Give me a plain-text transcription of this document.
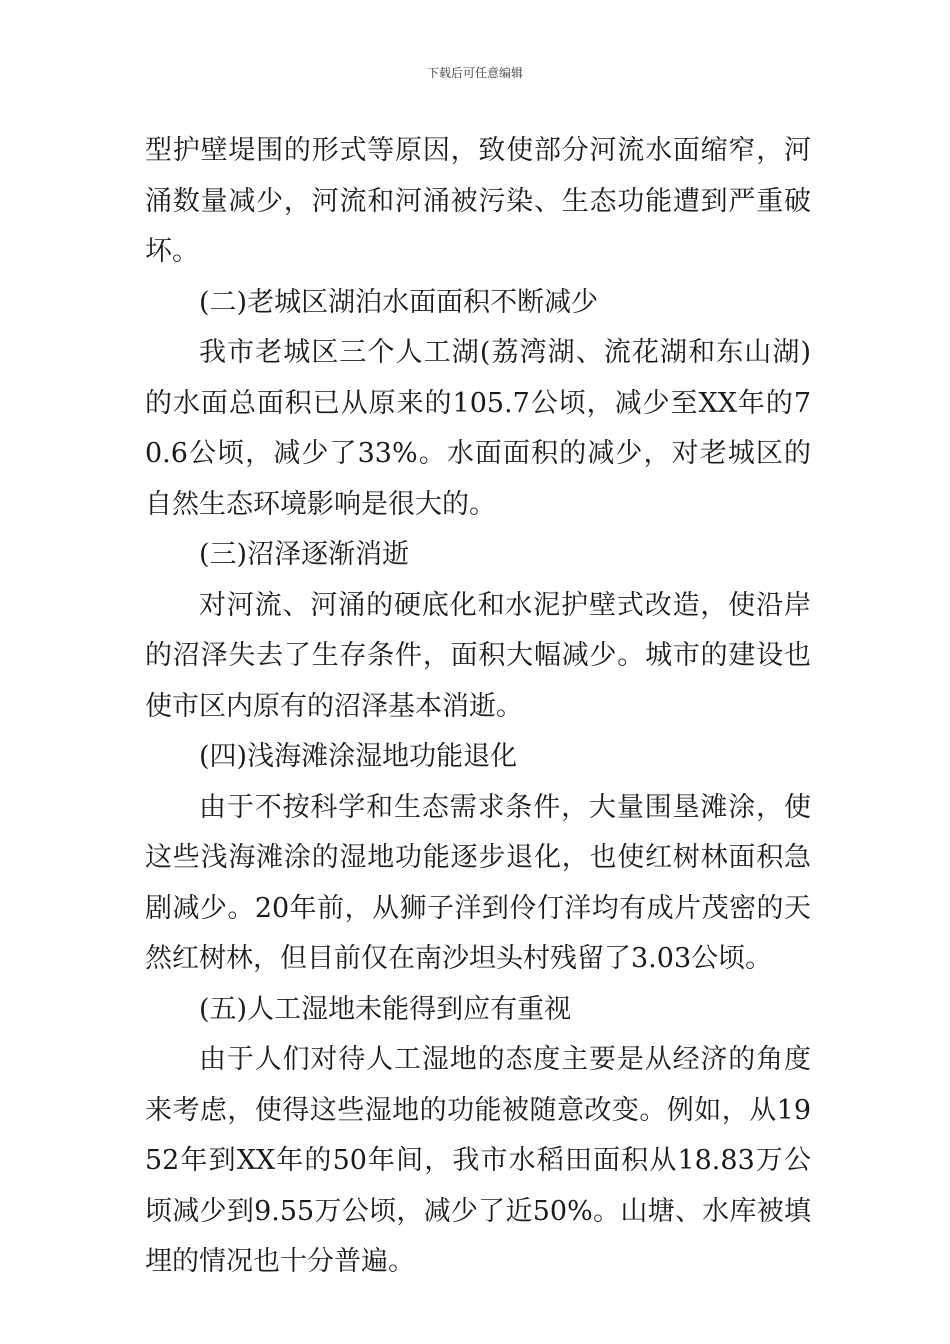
下载后可任意编辑

型护壁堤围的形式等原因，致使部分河流水面缩窄，河涌数量减少，河流和河涌被污染、生态功能遭到严重破坏。

(二)老城区湖泊水面面积不断减少

我市老城区三个人工湖(荔湾湖、流花湖和东山湖)的水面总面积已从原来的105.7公顷，减少至XX年的70.6公顷，减少了33%。水面面积的减少，对老城区的自然生态环境影响是很大的。

(三)沼泽逐渐消逝

对河流、河涌的硬底化和水泥护壁式改造，使沿岸的沼泽失去了生存条件，面积大幅减少。城市的建设也使市区内原有的沼泽基本消逝。

(四)浅海滩涂湿地功能退化

由于不按科学和生态需求条件，大量围垦滩涂，使这些浅海滩涂的湿地功能逐步退化，也使红树林面积急剧减少。20年前，从狮子洋到伶仃洋均有成片茂密的天然红树林，但目前仅在南沙坦头村残留了3.03公顷。

(五)人工湿地未能得到应有重视

由于人们对待人工湿地的态度主要是从经济的角度来考虑，使得这些湿地的功能被随意改变。例如，从1952年到XX年的50年间，我市水稻田面积从18.83万公顷减少到9.55万公顷，减少了近50%。山塘、水库被填埋的情况也十分普遍。
